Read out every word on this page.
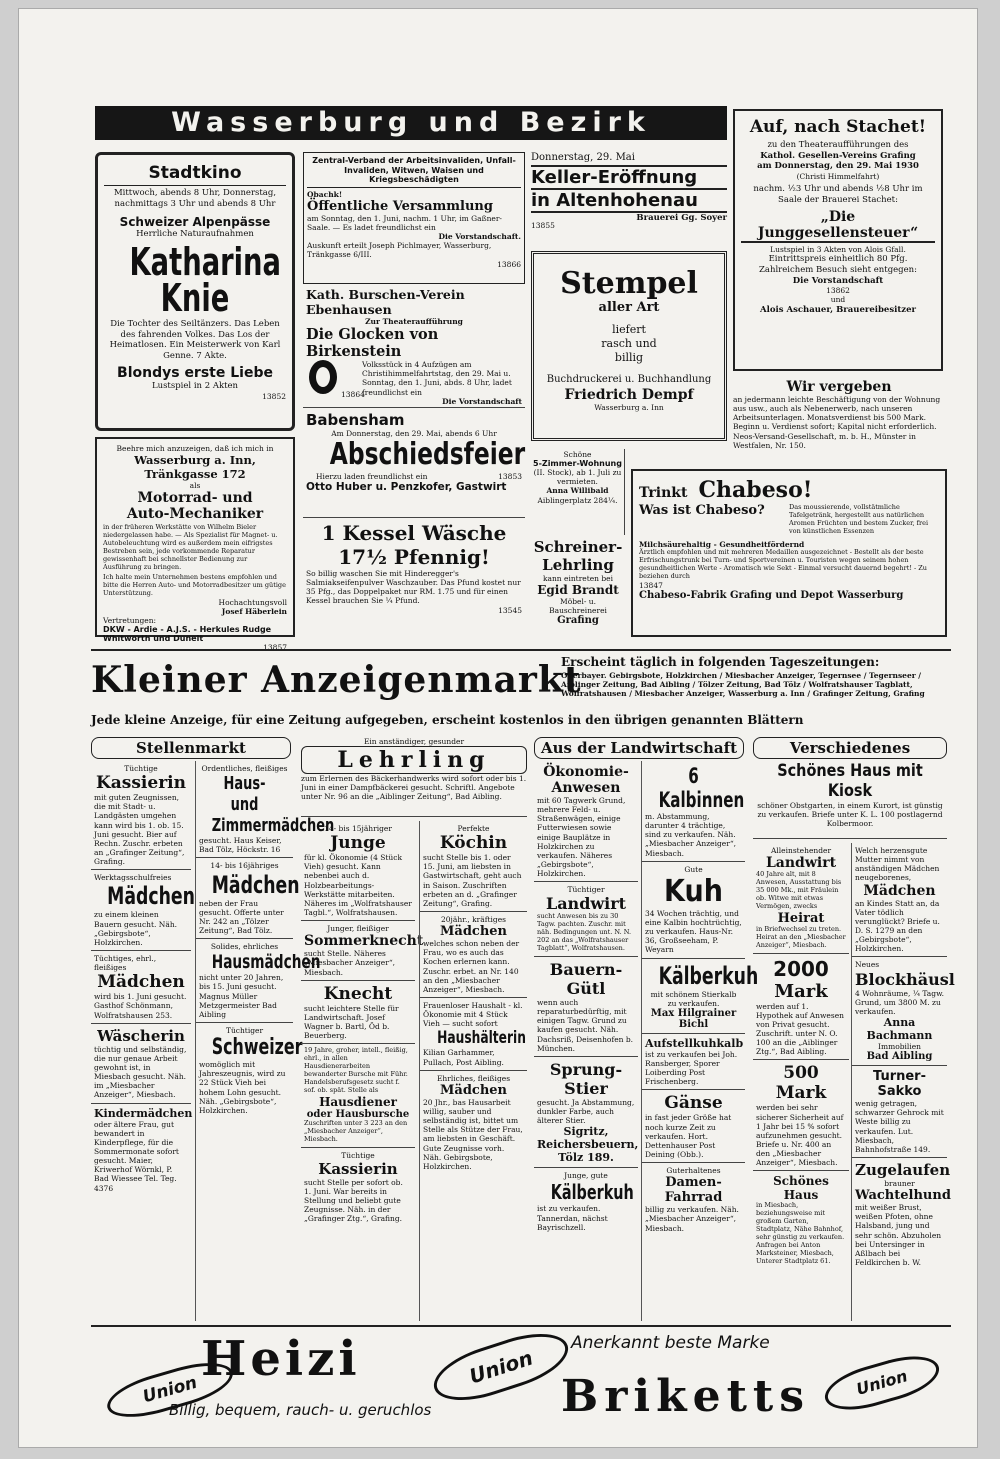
Wasserburg und Bezirk
Stadtkino
Mittwoch, abends 8 Uhr, Donnerstag, nachmittags 3 Uhr und abends 8 Uhr
Schweizer Alpenpässe
Herrliche Naturaufnahmen
Katharina
Knie
Die Tochter des Seiltänzers. Das Leben des fahrenden Volkes. Das Los der Heimatlosen. Ein Meisterwerk von Karl Genne. 7 Akte.
Blondys erste Liebe
Lustspiel in 2 Akten
13852
Beehre mich anzuzeigen, daß ich mich in
Wasserburg a. Inn, Tränkgasse 172
als
Motorrad- und
Auto-Mechaniker
in der früheren Werkstätte von Wilhelm Bieler niedergelassen habe. — Als Spezialist für Magnet- u. Autobeleuchtung wird es außerdem mein eifrigstes Bestreben sein, jede vorkommende Reparatur gewissenhaft bei schnellster Bedienung zur Ausführung zu bringen.
Ich halte mein Unternehmen bestens empfohlen und bitte die Herren Auto- und Motorradbesitzer um gütige Unterstützung.
Hochachtungsvoll
Josef Häberlein
Vertretungen:
DKW - Ardie - A.J.S. - Herkules Rudge Whitworth und Dunelt
13857
Zentral-Verband der Arbeitsinvaliden, Unfall-Invaliden, Witwen, Waisen und Kriegsbeschädigten
Obachk!
Öffentliche Versammlung
am Sonntag, den 1. Juni, nachm. 1 Uhr, im Gaßner-Saale. — Es ladet freundlichst ein
Die Vorstandschaft.
Auskunft erteilt Joseph Pichlmayer, Wasserburg, Tränkgasse 6/III.
13866
Kath. Burschen-Verein Ebenhausen
Zur Theateraufführung
Die Glocken von Birkenstein
Volksstück in 4 Aufzügen am Christihimmelfahrtstag, den 29. Mai u. Sonntag, den 1. Juni, abds. 8 Uhr, ladet freundlichst ein
13864
Die Vorstandschaft
Babensham
Am Donnerstag, den 29. Mai, abends 6 Uhr
Abschiedsfeier
Hierzu laden freundlichst ein	13853
Otto Huber u. Penzkofer, Gastwirt
1 Kessel Wäsche
17½ Pfennig!
So billig waschen Sie mit Hinderegger's Salmiakseifenpulver Waschzauber. Das Pfund kostet nur 35 Pfg., das Doppelpaket nur RM. 1.75 und für einen Kessel brauchen Sie ¼ Pfund.
13545
Donnerstag, 29. Mai
Keller-Eröffnung
in Altenhohenau
13855
Brauerei Gg. Soyer
Stempel
aller Art
liefert
rasch und
billig
Buchdruckerei u. Buchhandlung
Friedrich Dempf
Wasserburg a. Inn
Schöne
5-Zimmer-Wohnung
(II. Stock), ab 1. Juli zu vermieten.
Anna Willibald
Aiblingerplatz 284¼.
Schreiner-
Lehrling
kann eintreten bei
Egid Brandt
Möbel- u. Bauschreinerei
Grafing
Auf, nach Stachet!
zu den Theateraufführungen des
Kathol. Gesellen-Vereins Grafing
am Donnerstag, den 29. Mai 1930
(Christi Himmelfahrt)
nachm. ½3 Uhr und abends ½8 Uhr im Saale der Brauerei Stachet:
„Die Junggesellensteuer“
Lustspiel in 3 Akten von Alois Gfall.
Eintrittspreis einheitlich 80 Pfg.
Zahlreichem Besuch sieht entgegen:
Die Vorstandschaft
13862
und
Alois Aschauer, Brauereibesitzer
Wir vergeben
an jedermann leichte Beschäftigung von der Wohnung aus usw., auch als Nebenerwerb, nach unseren Arbeitsunterlagen. Monatsverdienst bis 500 Mark. Beginn u. Verdienst sofort; Kapital nicht erforderlich. Neos-Versand-Gesellschaft, m. b. H., Münster in Westfalen, Nr. 150.
Trinkt Chabeso!
Was ist Chabeso?	Das moussierende, vollstätmliche Tafelgetränk, hergestellt aus natürlichen Aromen Früchten und bestem Zucker, frei von künstlichen Essenzen
Milchsäurehaltig - Gesundheitfördernd
Ärztlich empfohlen und mit mehreren Medaillen ausgezeichnet - Bestellt als der beste Erfrischungstrunk bei Turn- und Sportvereinen u. Touristen wegen seinem hohen gesundheitlichen Werte - Aromatisch wie Sekt - Einmal versucht dauernd begehrt! - Zu beziehen durch
13847
Chabeso-Fabrik Grafing und Depot Wasserburg
Kleiner Anzeigenmarkt
Erscheint täglich in folgenden Tageszeitungen:
Oberbayer. Gebirgsbote, Holzkirchen / Miesbacher Anzeiger, Tegernsee / Tegernseer / Aiblinger Zeitung, Bad Aibling / Tölzer Zeitung, Bad Tölz / Wolfratshauser Tagblatt, Wolfratshausen / Miesbacher Anzeiger, Wasserburg a. Inn / Grafinger Zeitung, Grafing
Jede kleine Anzeige, für eine Zeitung aufgegeben, erscheint kostenlos in den übrigen genannten Blättern
Stellenmarkt	Aus der Landwirtschaft	Verschiedenes
Tüchtige
Kassierin
mit guten Zeugnissen, die mit Stadt- u. Landgästen umgehen kann wird bis 1. ob. 15. Juni gesucht. Bier auf Rechn. Zuschr. erbeten an „Grafinger Zeitung“, Grafing.
Werktagsschulfreies
Mädchen
zu einem kleinen Bauern gesucht. Näh. „Gebirgsbote“, Holzkirchen.
Tüchtiges, ehrl., fleißiges
Mädchen
wird bis 1. Juni gesucht. Gasthof Schönmann, Wolfratshausen 253.
Wäscherin
tüchtig und selbständig, die nur genaue Arbeit gewohnt ist, in Miesbach gesucht. Näh. im „Miesbacher Anzeiger“, Miesbach.
Kindermädchen
oder ältere Frau, gut bewandert in Kinderpflege, für die Sommermonate sofort gesucht. Maier, Kriwerhof Wörnkl, P. Bad Wiessee Tel. Teg. 4376
Ordentliches, fleißiges
Haus- und
Zimmermädchen
gesucht. Haus Keiser, Bad Tölz, Höckstr. 16
14- bis 16jähriges
Mädchen
neben der Frau gesucht. Offerte unter Nr. 242 an „Tölzer Zeitung“, Bad Tölz.
Solides, ehrliches
Hausmädchen
nicht unter 20 Jahren, bis 15. Juni gesucht. Magnus Müller Metzgermeister Bad Aibling
Tüchtiger
Schweizer
womöglich mit Jahreszeugnis, wird zu 22 Stück Vieh bei hohem Lohn gesucht. Näh. „Gebirgsbote“, Holzkirchen.
Ein anständiger, gesunder
Lehrling
zum Erlernen des Bäckerhandwerks wird sofort oder bis 1. Juni in einer Dampfbäckerei gesucht. Schriftl. Angebote unter Nr. 96 an die „Aiblinger Zeitung“, Bad Aibling.
14- bis 15jähriger
Junge
für kl. Ökonomie (4 Stück Vieh) gesucht. Kann nebenbei auch d. Holzbearbeitungs- Werkstätte mitarbeiten. Näheres im „Wolfratshauser Tagbl.“, Wolfratshausen.
Junger, fleißiger
Sommerknecht
sucht Stelle. Näheres „Miesbacher Anzeiger“, Miesbach.
Knecht
sucht leichtere Stelle für Landwirtschaft. Josef Wagner b. Bartl, Öd b. Beuerberg.
19 Jahre, groher, intell., fleißig, ehrl., in allen Hausdienerarbeiten bewanderter Bursche mit Führ. Handelsberufsgesetz sucht f. sof. ob. spät. Stelle als
Hausdiener
oder Hausbursche
Zuschriften unter 3 223 an den „Miesbacher Anzeiger“, Miesbach.
Tüchtige
Kassierin
sucht Stelle per sofort ob. 1. Juni. War bereits in Stellung und beliebt gute Zeugnisse. Näh. in der „Grafinger Ztg.“, Grafing.
Perfekte
Köchin
sucht Stelle bis 1. oder 15. Juni, am liebsten in Gastwirtschaft, geht auch in Saison. Zuschriften erbeten an d. „Grafinger Zeitung“, Grafing.
20jähr., kräftiges
Mädchen
welches schon neben der Frau, wo es auch das Kochen erlernen kann. Zuschr. erbet. an Nr. 140 an den „Miesbacher Anzeiger“, Miesbach.
Frauenloser Haushalt - kl. Ökonomie mit 4 Stück Vieh — sucht sofort
Haushälterin
Kilian Garhammer, Pullach, Post Aibling.
Ehrliches, fleißiges
Mädchen
20 Jhr., bas Hausarbeit willig, sauber und selbständig ist, bittet um Stelle als Stütze der Frau, am liebsten in Geschäft. Gute Zeugnisse vorh. Näh. Gebirgsbote, Holzkirchen.
Ökonomie-
Anwesen
mit 60 Tagwerk Grund, mehrere Feld- u. Straßenwägen, einige Futterwiesen sowie einige Bauplätze in Holzkirchen zu verkaufen. Näheres „Gebirgsbote“, Holzkirchen.
Tüchtiger
Landwirt
sucht Anwesen bis zu 30 Tagw. pachten. Zuschr. mit näh. Bedingungen unt. N. N. 202 an das „Wolfratshauser Tagblatt“, Wolfratshausen.
Bauern-
Gütl
wenn auch reparaturbedürftig, mit einigen Tagw. Grund zu kaufen gesucht. Näh. Dachsriß, Deisenhofen b. München.
Sprung-
Stier
gesucht. Ja Abstammung, dunkler Farbe, auch älterer Stier.
Sigritz, Reichersbeuern, Tölz 189.
Junge, gute
Kälberkuh
ist zu verkaufen. Tannerdan, nächst Bayrischzell.
6 Kalbinnen
m. Abstammung, darunter 4 trächtige, sind zu verkaufen. Näh. „Miesbacher Anzeiger“, Miesbach.
Gute
Kuh
34 Wochen trächtig, und eine Kalbin hochtrüchtig, zu verkaufen. Haus-Nr. 36, Großseeham, P. Weyarn
Kälberkuh
mit schönem Stierkalb zu verkaufen.
Max Hilgrainer Bichl
Aufstellkuhkalb
ist zu verkaufen bei Joh. Ransberger, Sporer Loiberding Post Frischenberg.
Gänse
in fast jeder Größe hat noch kurze Zeit zu verkaufen. Hort. Dettenhauser Post Deining (Obb.).
Guterhaltenes
Damen-
Fahrrad
billig zu verkaufen. Näh. „Miesbacher Anzeiger“, Miesbach.
Schönes Haus mit Kiosk
schöner Obstgarten, in einem Kurort, ist günstig zu verkaufen. Briefe unter K. L. 100 postlagernd Kolbermoor.
Alleinstehender
Landwirt
40 Jahre alt, mit 8 Anwesen, Ausstattung bis 35 000 Mk., mit Fräulein ob. Witwe mit etwas Vermögen, zwecks
Heirat
in Briefwechsel zu treten. Heirat an den „Miesbacher Anzeiger“, Miesbach.
2000
Mark
werden auf 1. Hypothek auf Anwesen von Privat gesucht. Zuschrift. unter N. O. 100 an die „Aiblinger Ztg.“, Bad Aibling.
500 Mark
werden bei sehr sicherer Sicherheit auf 1 Jahr bei 15 % sofort aufzunehmen gesucht. Briefe u. Nr. 400 an den „Miesbacher Anzeiger“, Miesbach.
Schönes Haus
in Miesbach, beziehungsweise mit großem Garten, Stadtplatz, Nähe Bahnhof, sehr günstig zu verkaufen. Anfragen bei Anton Marksteiner, Miesbach, Unterer Stadtplatz 61.
Welch herzensgute Mutter nimmt von anständigen Mädchen neugeborenes,
Mädchen
an Kindes Statt an, da Vater tödlich verunglückt? Briefe u. D. S. 1279 an den „Gebirgsbote“, Holzkirchen.
Neues
Blockhäusl
4 Wohnräume, ¼ Tagw. Grund, um 3800 M. zu verkaufen.
Anna Bachmann
Immobilien
Bad Aibling
Turner-Sakko
wenig getragen, schwarzer Gehrock mit Weste billig zu verkaufen. Lut. Miesbach, Bahnhofstraße 149.
Zugelaufen
brauner
Wachtelhund
mit weißer Brust, weißen Pfoten, ohne Halsband, jung und sehr schön. Abzuholen bei Untersinger in Aßlbach bei Feldkirchen b. W.
Heizi
Union
Billig, bequem, rauch- u. geruchlos
Union
Anerkannt beste Marke
Briketts	Union
